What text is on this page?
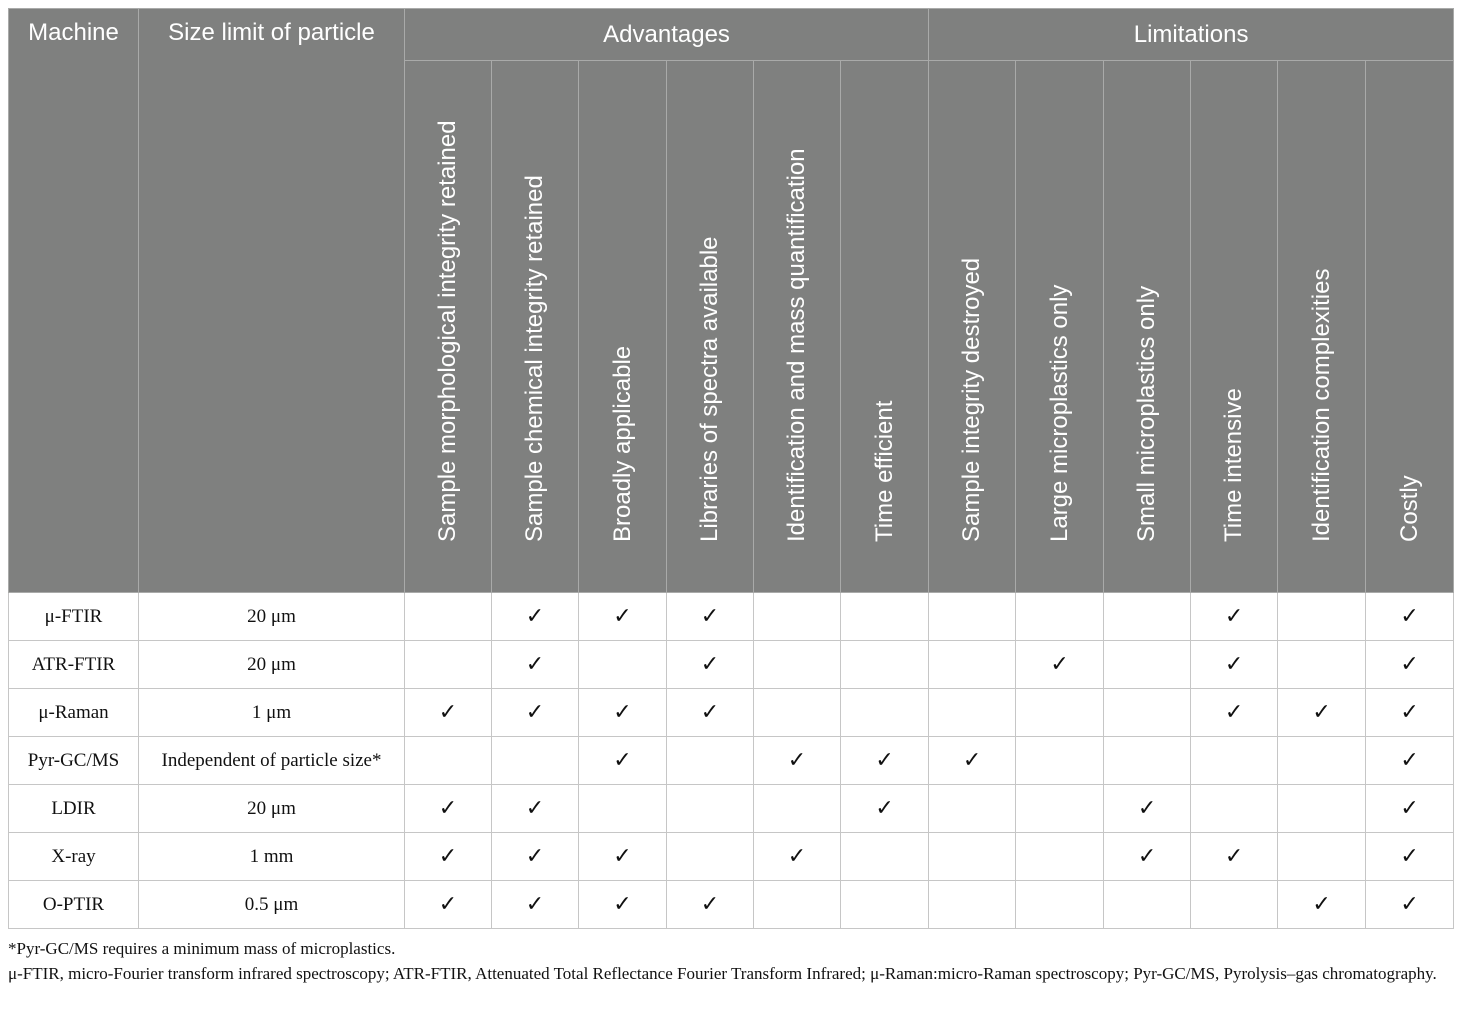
Machine	Size limit of particle	Advantages						Limitations					

		Sample morphological integrity retained	Sample chemical integrity retained	Broadly applicable	Libraries of spectra available	Identification and mass quantification	Time efficient	Sample integrity destroyed	Large microplastics only	Small microplastics only	Time intensive	Identification complexities	Costly

μ-FTIR	20 μm		✓	✓	✓						✓		✓
ATR-FTIR	20 μm		✓		✓				✓		✓		✓
μ-Raman	1 μm	✓	✓	✓	✓						✓	✓	✓
Pyr-GC/MS	Independent of particle size*			✓		✓	✓	✓					✓
LDIR	20 μm	✓	✓				✓			✓			✓
X-ray	1 mm	✓	✓	✓		✓				✓	✓		✓
O-PTIR	0.5 μm	✓	✓	✓	✓							✓	✓

*Pyr-GC/MS requires a minimum mass of microplastics.

μ-FTIR, micro-Fourier transform infrared spectroscopy; ATR-FTIR, Attenuated Total Reflectance Fourier Transform Infrared; μ-Raman:micro-Raman spectroscopy; Pyr-GC/MS, Pyrolysis–gas chromatography.
